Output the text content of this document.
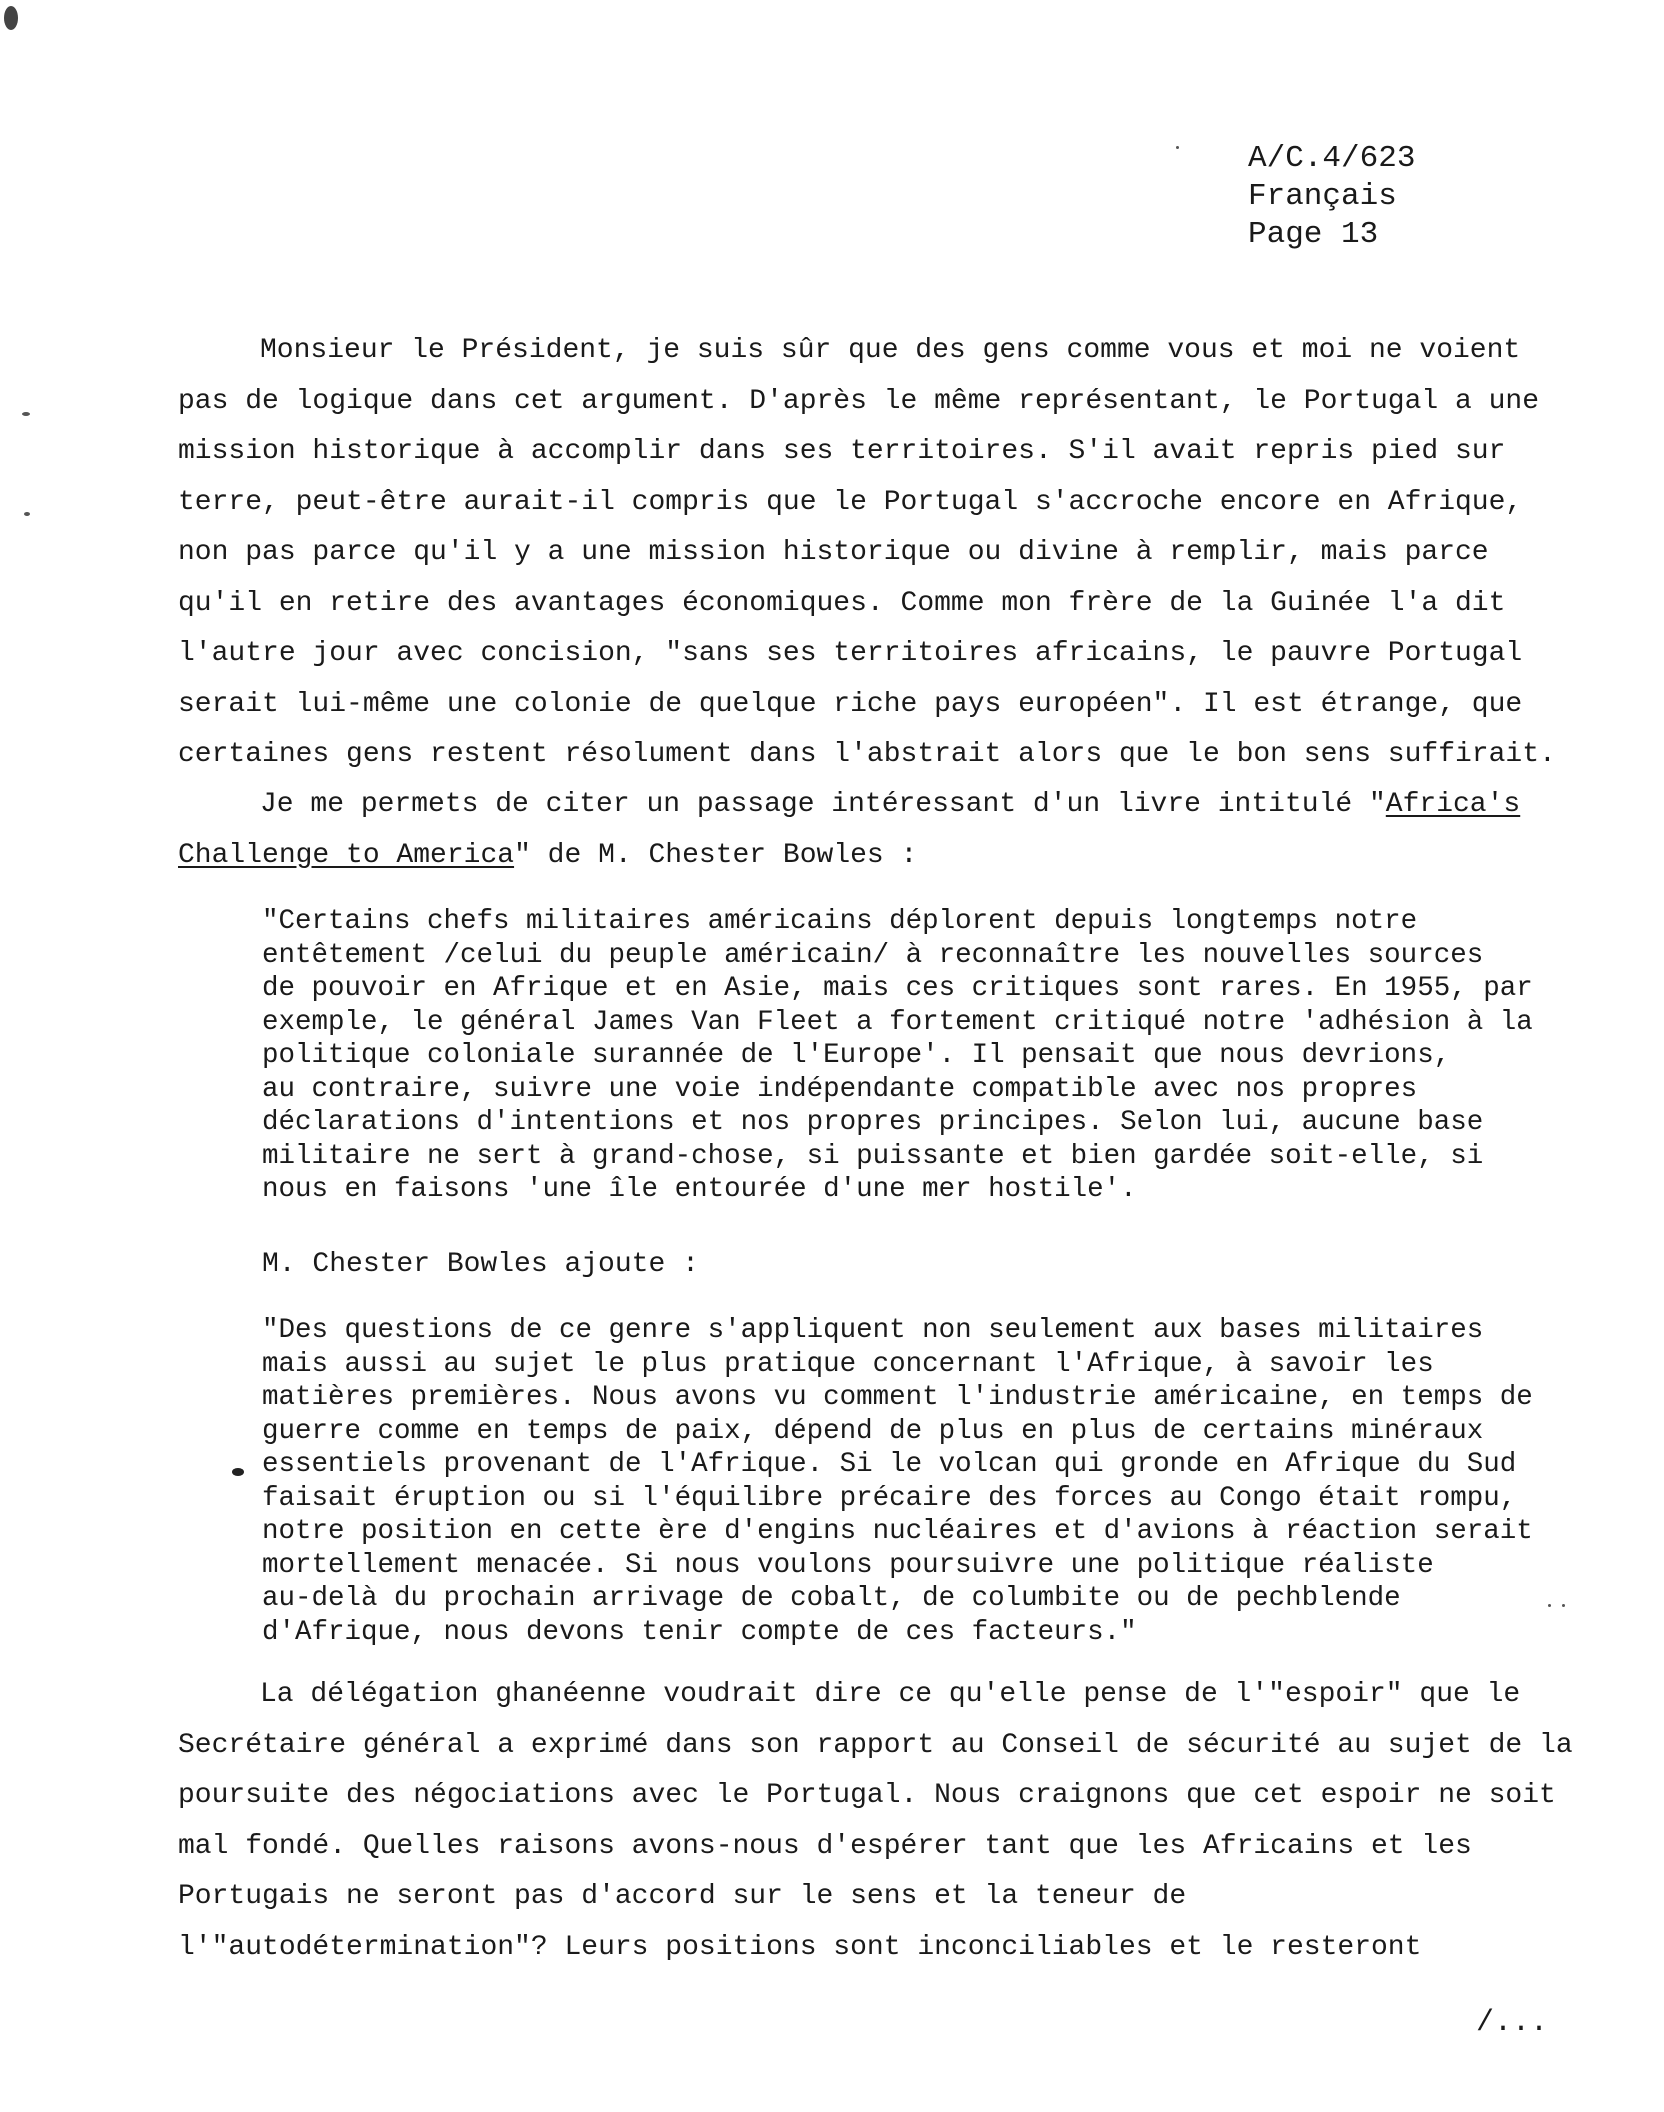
A/C.4/623
Français
Page 13
Monsieur le Président, je suis sûr que des gens comme vous et moi ne voient
pas de logique dans cet argument. D'après le même représentant, le Portugal a une
mission historique à accomplir dans ses territoires. S'il avait repris pied sur
terre, peut-être aurait-il compris que le Portugal s'accroche encore en Afrique,
non pas parce qu'il y a une mission historique ou divine à remplir, mais parce
qu'il en retire des avantages économiques. Comme mon frère de la Guinée l'a dit
l'autre jour avec concision, "sans ses territoires africains, le pauvre Portugal
serait lui-même une colonie de quelque riche pays européen". Il est étrange, que
certaines gens restent résolument dans l'abstrait alors que le bon sens suffirait.
Je me permets de citer un passage intéressant d'un livre intitulé "Africa's
Challenge to America" de M. Chester Bowles :
"Certains chefs militaires américains déplorent depuis longtemps notre
entêtement /celui du peuple américain/ à reconnaître les nouvelles sources
de pouvoir en Afrique et en Asie, mais ces critiques sont rares. En 1955, par
exemple, le général James Van Fleet a fortement critiqué notre 'adhésion à la
politique coloniale surannée de l'Europe'. Il pensait que nous devrions,
au contraire, suivre une voie indépendante compatible avec nos propres
déclarations d'intentions et nos propres principes. Selon lui, aucune base
militaire ne sert à grand-chose, si puissante et bien gardée soit-elle, si
nous en faisons 'une île entourée d'une mer hostile'.
M. Chester Bowles ajoute :
"Des questions de ce genre s'appliquent non seulement aux bases militaires
mais aussi au sujet le plus pratique concernant l'Afrique, à savoir les
matières premières. Nous avons vu comment l'industrie américaine, en temps de
guerre comme en temps de paix, dépend de plus en plus de certains minéraux
essentiels provenant de l'Afrique. Si le volcan qui gronde en Afrique du Sud
faisait éruption ou si l'équilibre précaire des forces au Congo était rompu,
notre position en cette ère d'engins nucléaires et d'avions à réaction serait
mortellement menacée. Si nous voulons poursuivre une politique réaliste
au-delà du prochain arrivage de cobalt, de columbite ou de pechblende
d'Afrique, nous devons tenir compte de ces facteurs."
La délégation ghanéenne voudrait dire ce qu'elle pense de l'"espoir" que le
Secrétaire général a exprimé dans son rapport au Conseil de sécurité au sujet de la
poursuite des négociations avec le Portugal. Nous craignons que cet espoir ne soit
mal fondé. Quelles raisons avons-nous d'espérer tant que les Africains et les
Portugais ne seront pas d'accord sur le sens et la teneur de
l'"autodétermination"? Leurs positions sont inconciliables et le resteront
/...
